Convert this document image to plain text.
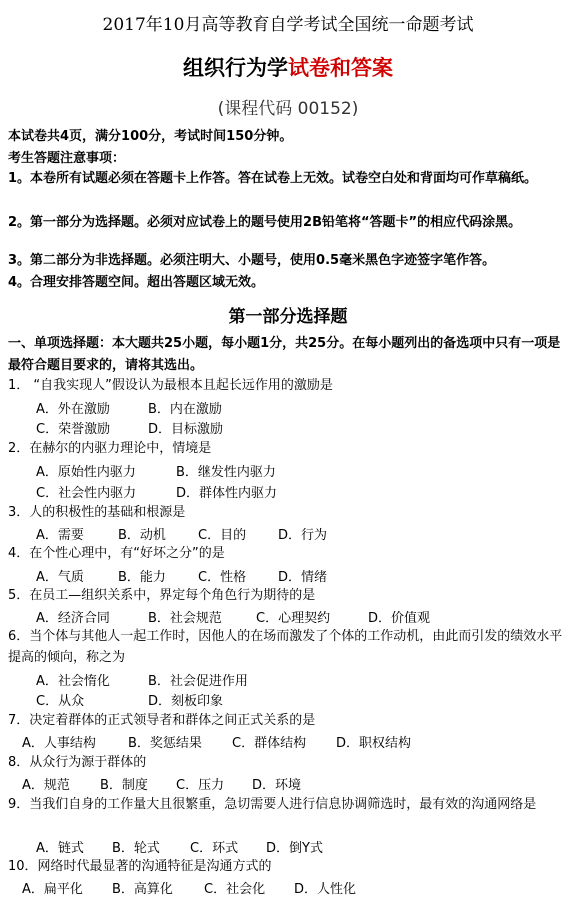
2017年10月高等教育自学考试全国统一命题考试
组织行为学试卷和答案
(课程代码 00152)
本试卷共4页，满分100分，考试时间150分钟。
考生答题注意事项：
1。本卷所有试题必须在答题卡上作答。答在试卷上无效。试卷空白处和背面均可作草稿纸。
2。第一部分为选择题。必须对应试卷上的题号使用2B铅笔将“答题卡”的相应代码涂黑。
3。第二部分为非选择题。必须注明大、小题号，使用0.5毫米黑色字迹签字笔作答。
4。合理安排答题空间。超出答题区域无效。
第一部分选择题
一、单项选择题：本大题共25小题，每小题1分，共25分。在每小题列出的备选项中只有一项是最符合题目要求的，请将其选出。
1． “自我实现人”假设认为最根本且起长远作用的激励是
A．外在激励	B．内在激励
C．荣誉激励	D．目标激励
2．在赫尔的内驱力理论中，情境是
A．原始性内驱力	B．继发性内驱力
C．社会性内驱力	D．群体性内驱力
3．人的积极性的基础和根源是
A．需要	B．动机 C．目的 D．行为
4．在个性心理中，有“好坏之分”的是
A．气质	B．能力 C．性格 D．情绪
5．在员工—组织关系中，界定每个角色行为期待的是
A．经济合同	B．社会规范	C．心理契约	D．价值观
6．当个体与其他人一起工作时，因他人的在场而激发了个体的工作动机，由此而引发的绩效水平提高的倾向，称之为
A．社会惰化	B．社会促进作用
C．从众	D．刻板印象
7．决定着群体的正式领导者和群体之间正式关系的是
A．人事结构 B．奖惩结果 C．群体结构 D．职权结构
8．从众行为源于群体的
A．规范 B．制度 C．压力 D．环境
9．当我们自身的工作量大且很繁重，急切需要人进行信息协调筛选时，最有效的沟通网络是
A．链式 B．轮式 C．环式 D．倒Y式
10．网络时代最显著的沟通特征是沟通方式的
A．扁平化 B．高算化 C．社会化 D．人性化
